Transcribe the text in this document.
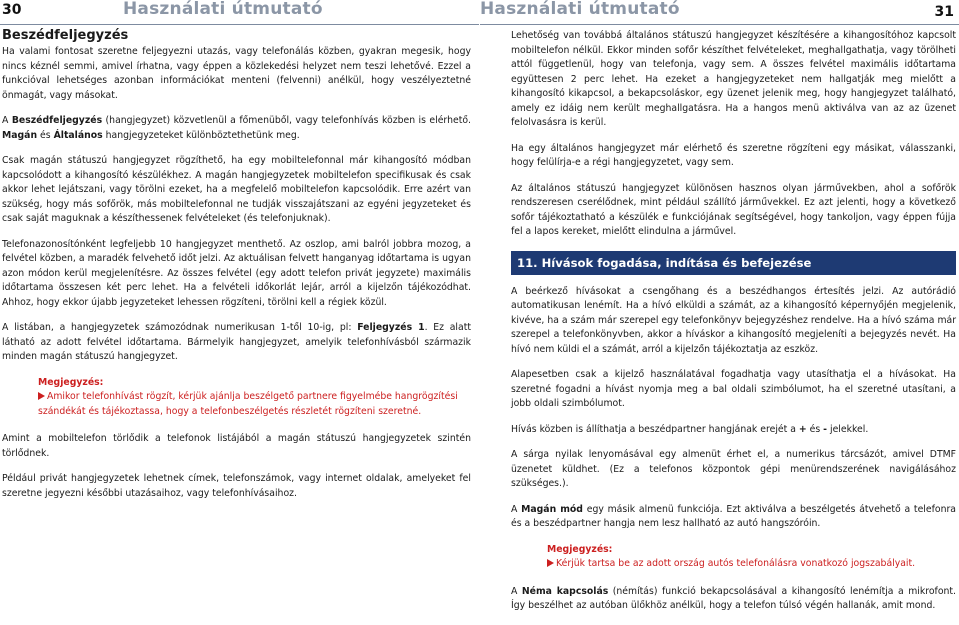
30	Használati útmutató
Beszédfeljegyzés

Ha valami fontosat szeretne feljegyezni utazás, vagy telefonálás közben, gyakran megesik, hogy nincs kéznél semmi, amivel írhatna, vagy éppen a közlekedési helyzet nem teszi lehetővé. Ezzel a funkcióval lehetséges azonban információkat menteni (felvenni) anélkül, hogy veszélyeztetné önmagát, vagy másokat.

A Beszédfeljegyzés (hangjegyzet) közvetlenül a főmenüből, vagy telefonhívás közben is elérhető. Magán és Általános hangjegyzeteket különböztethetünk meg.

Csak magán státuszú hangjegyzet rögzíthető, ha egy mobiltelefonnal már kihangosító módban kapcsolódott a kihangosító készülékhez. A magán hangjegyzetek mobiltelefon specifikusak és csak akkor lehet lejátszani, vagy törölni ezeket, ha a megfelelő mobiltelefon kapcsolódik. Erre azért van szükség, hogy más sofőrök, más mobiltelefonnal ne tudják visszajátszani az egyéni jegyzeteket és csak saját maguknak a készíthessenek felvételeket (és telefonjuknak).

Telefonazonosítónként legfeljebb 10 hangjegyzet menthető. Az oszlop, ami balról jobbra mozog, a felvétel közben, a maradék felvehető időt jelzi. Az aktuálisan felvett hanganyag időtartama is ugyan azon módon kerül megjelenítésre. Az összes felvétel (egy adott telefon privát jegyzete) maximális időtartama összesen két perc lehet. Ha a felvételi időkorlát lejár, arról a kijelzőn tájékozódhat. Ahhoz, hogy ekkor újabb jegyzeteket lehessen rögzíteni, törölni kell a régiek közül.

A listában, a hangjegyzetek számozódnak numerikusan 1-től 10-ig, pl: Feljegyzés 1. Ez alatt látható az adott felvétel időtartama. Bármelyik hangjegyzet, amelyik telefonhívásból származik minden magán státuszú hangjegyzet.

Megjegyzés:
Amikor telefonhívást rögzít, kérjük ajánlja beszélgető partnere figyelmébe hangrögzítési szándékát és tájékoztassa, hogy a telefonbeszélgetés részletét rögzíteni szeretné.

Amint a mobiltelefon törlődik a telefonok listájából a magán státuszú hangjegyzetek szintén törlődnek.

Például privát hangjegyzetek lehetnek címek, telefonszámok, vagy internet oldalak, amelyeket fel szeretne jegyezni későbbi utazásaihoz, vagy telefonhívásaihoz.

Használati útmutató	31

Lehetőség van továbbá általános státuszú hangjegyzet készítésére a kihangosítóhoz kapcsolt mobiltelefon nélkül. Ekkor minden sofőr készíthet felvételeket, meghallgathatja, vagy törölheti attól függetlenül, hogy van telefonja, vagy sem. A összes felvétel maximális időtartama együttesen 2 perc lehet. Ha ezeket a hangjegyzeteket nem hallgatják meg mielőtt a kihangosító kikapcsol, a bekapcsoláskor, egy üzenet jelenik meg, hogy hangjegyzet található, amely ez idáig nem került meghallgatásra. Ha a hangos menü aktiválva van az az üzenet felolvasásra is kerül.

Ha egy általános hangjegyzet már elérhető és szeretne rögzíteni egy másikat, válasszanki, hogy felülírja-e a régi hangjegyzetet, vagy sem.

Az általános státuszú hangjegyzet különösen hasznos olyan járművekben, ahol a sofőrök rendszeresen cserélődnek, mint például szállító járművekkel. Ez azt jelenti, hogy a következő sofőr tájékoztatható a készülék e funkciójának segítségével, hogy tankoljon, vagy éppen fújja fel a lapos kereket, mielőtt elindulna a járművel.

11. Hívások fogadása, indítása és befejezése

A beérkező hívásokat a csengőhang és a beszédhangos értesítés jelzi. Az autórádió automatikusan lenémít. Ha a hívó elküldi a számát, az a kihangosító képernyőjén megjelenik, kivéve, ha a szám már szerepel egy telefonkönyv bejegyzéshez rendelve. Ha a hívó száma már szerepel a telefonkönyvben, akkor a híváskor a kihangosító megjeleníti a bejegyzés nevét. Ha hívó nem küldi el a számát, arról a kijelzőn tájékoztatja az eszköz.

Alapesetben csak a kijelző használatával fogadhatja vagy utasíthatja el a hívásokat. Ha szeretné fogadni a hívást nyomja meg a bal oldali szimbólumot, ha el szeretné utasítani, a jobb oldali szimbólumot.

Hívás közben is állíthatja a beszédpartner hangjának erejét a + és - jelekkel.

A sárga nyilak lenyomásával egy almenüt érhet el, a numerikus tárcsázót, amivel DTMF üzenetet küldhet. (Ez a telefonos központok gépi menürendszerének navigálásához szükséges.).

A Magán mód egy másik almenü funkciója. Ezt aktiválva a beszélgetés átvehető a telefonra és a beszédpartner hangja nem lesz hallható az autó hangszóróin.

Megjegyzés:
Kérjük tartsa be az adott ország autós telefonálásra vonatkozó jogszabályait.

A Néma kapcsolás (némítás) funkció bekapcsolásával a kihangosító lenémítja a mikrofont. Így beszélhet az autóban ülőkhöz anélkül, hogy a telefon túlsó végén hallanák, amit mond.
